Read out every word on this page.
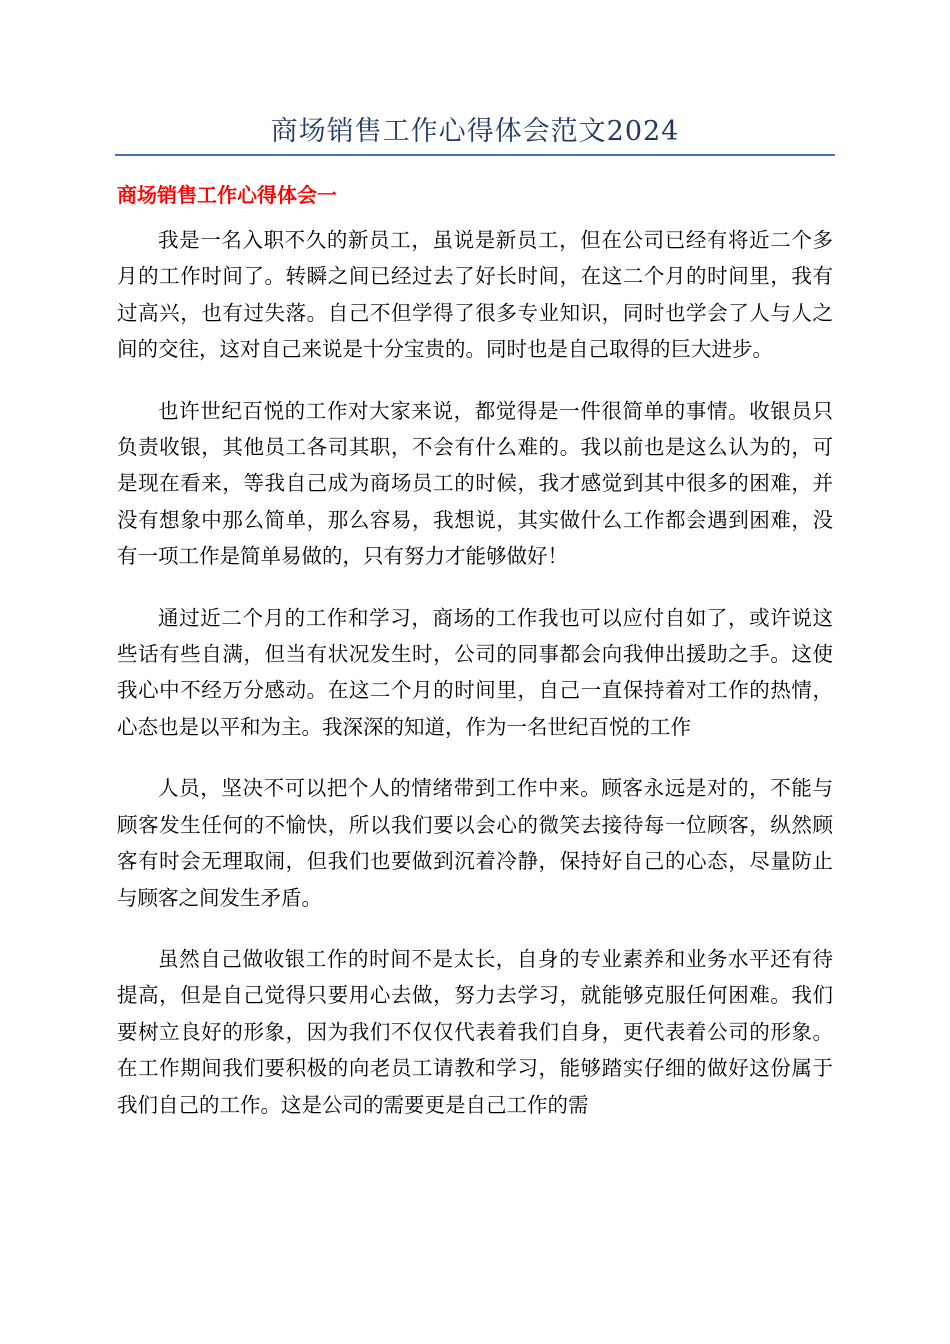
商场销售工作心得体会范文2024
商场销售工作心得体会一

我是一名入职不久的新员工，虽说是新员工，但在公司已经有将近二个多月的工作时间了。转瞬之间已经过去了好长时间，在这二个月的时间里，我有过高兴，也有过失落。自己不但学得了很多专业知识，同时也学会了人与人之间的交往，这对自己来说是十分宝贵的。同时也是自己取得的巨大进步。

也许世纪百悦的工作对大家来说，都觉得是一件很简单的事情。收银员只负责收银，其他员工各司其职，不会有什么难的。我以前也是这么认为的，可是现在看来，等我自己成为商场员工的时候，我才感觉到其中很多的困难，并没有想象中那么简单，那么容易，我想说，其实做什么工作都会遇到困难，没有一项工作是简单易做的，只有努力才能够做好！

通过近二个月的工作和学习，商场的工作我也可以应付自如了，或许说这些话有些自满，但当有状况发生时，公司的同事都会向我伸出援助之手。这使我心中不经万分感动。在这二个月的时间里，自己一直保持着对工作的热情，心态也是以平和为主。我深深的知道，作为一名世纪百悦的工作

人员，坚决不可以把个人的情绪带到工作中来。顾客永远是对的，不能与顾客发生任何的不愉快，所以我们要以会心的微笑去接待每一位顾客，纵然顾客有时会无理取闹，但我们也要做到沉着冷静，保持好自己的心态，尽量防止与顾客之间发生矛盾。

虽然自己做收银工作的时间不是太长，自身的专业素养和业务水平还有待提高，但是自己觉得只要用心去做，努力去学习，就能够克服任何困难。我们要树立良好的形象，因为我们不仅仅代表着我们自身，更代表着公司的形象。在工作期间我们要积极的向老员工请教和学习，能够踏实仔细的做好这份属于我们自己的工作。这是公司的需要更是自己工作的需
